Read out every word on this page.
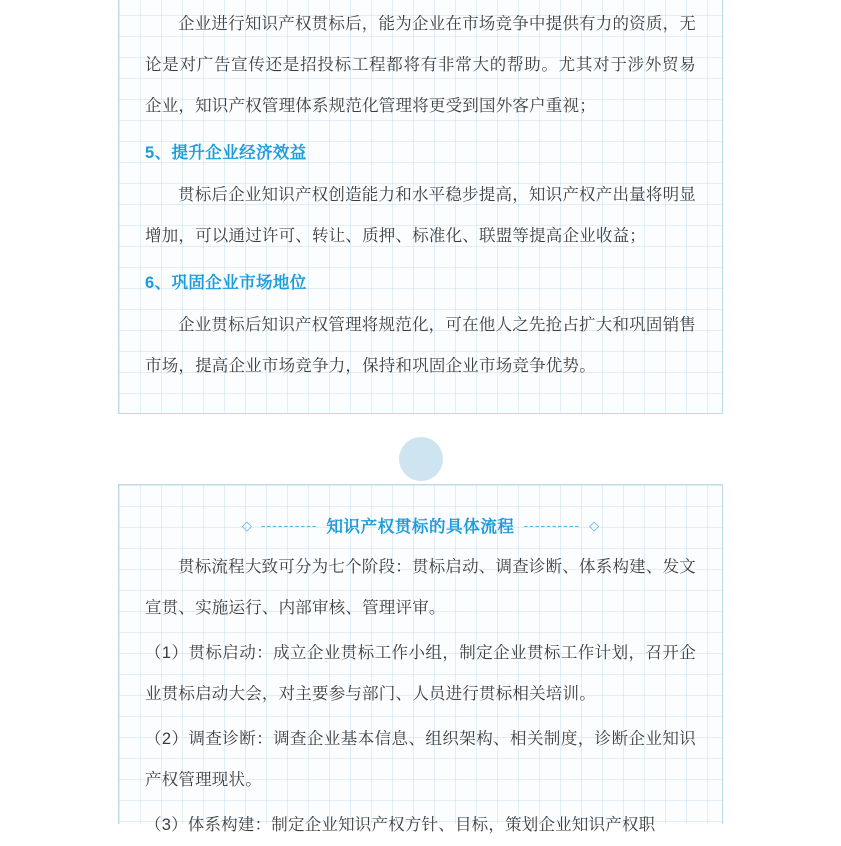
企业进行知识产权贯标后，能为企业在市场竞争中提供有力的资质，无论是对广告宣传还是招投标工程都将有非常大的帮助。尤其对于涉外贸易企业，知识产权管理体系规范化管理将更受到国外客户重视；

5、提升企业经济效益

贯标后企业知识产权创造能力和水平稳步提高，知识产权产出量将明显增加，可以通过许可、转让、质押、标准化、联盟等提高企业收益；

6、巩固企业市场地位

企业贯标后知识产权管理将规范化，可在他人之先抢占扩大和巩固销售市场，提高企业市场竞争力，保持和巩固企业市场竞争优势。

◇ ---------- 知识产权贯标的具体流程 ---------- ◇

贯标流程大致可分为七个阶段：贯标启动、调查诊断、体系构建、发文宣贯、实施运行、内部审核、管理评审。

（1）贯标启动：成立企业贯标工作小组，制定企业贯标工作计划，召开企业贯标启动大会，对主要参与部门、人员进行贯标相关培训。

（2）调查诊断：调查企业基本信息、组织架构、相关制度，诊断企业知识产权管理现状。

（3）体系构建：制定企业知识产权方针、目标，策划企业知识产权职
